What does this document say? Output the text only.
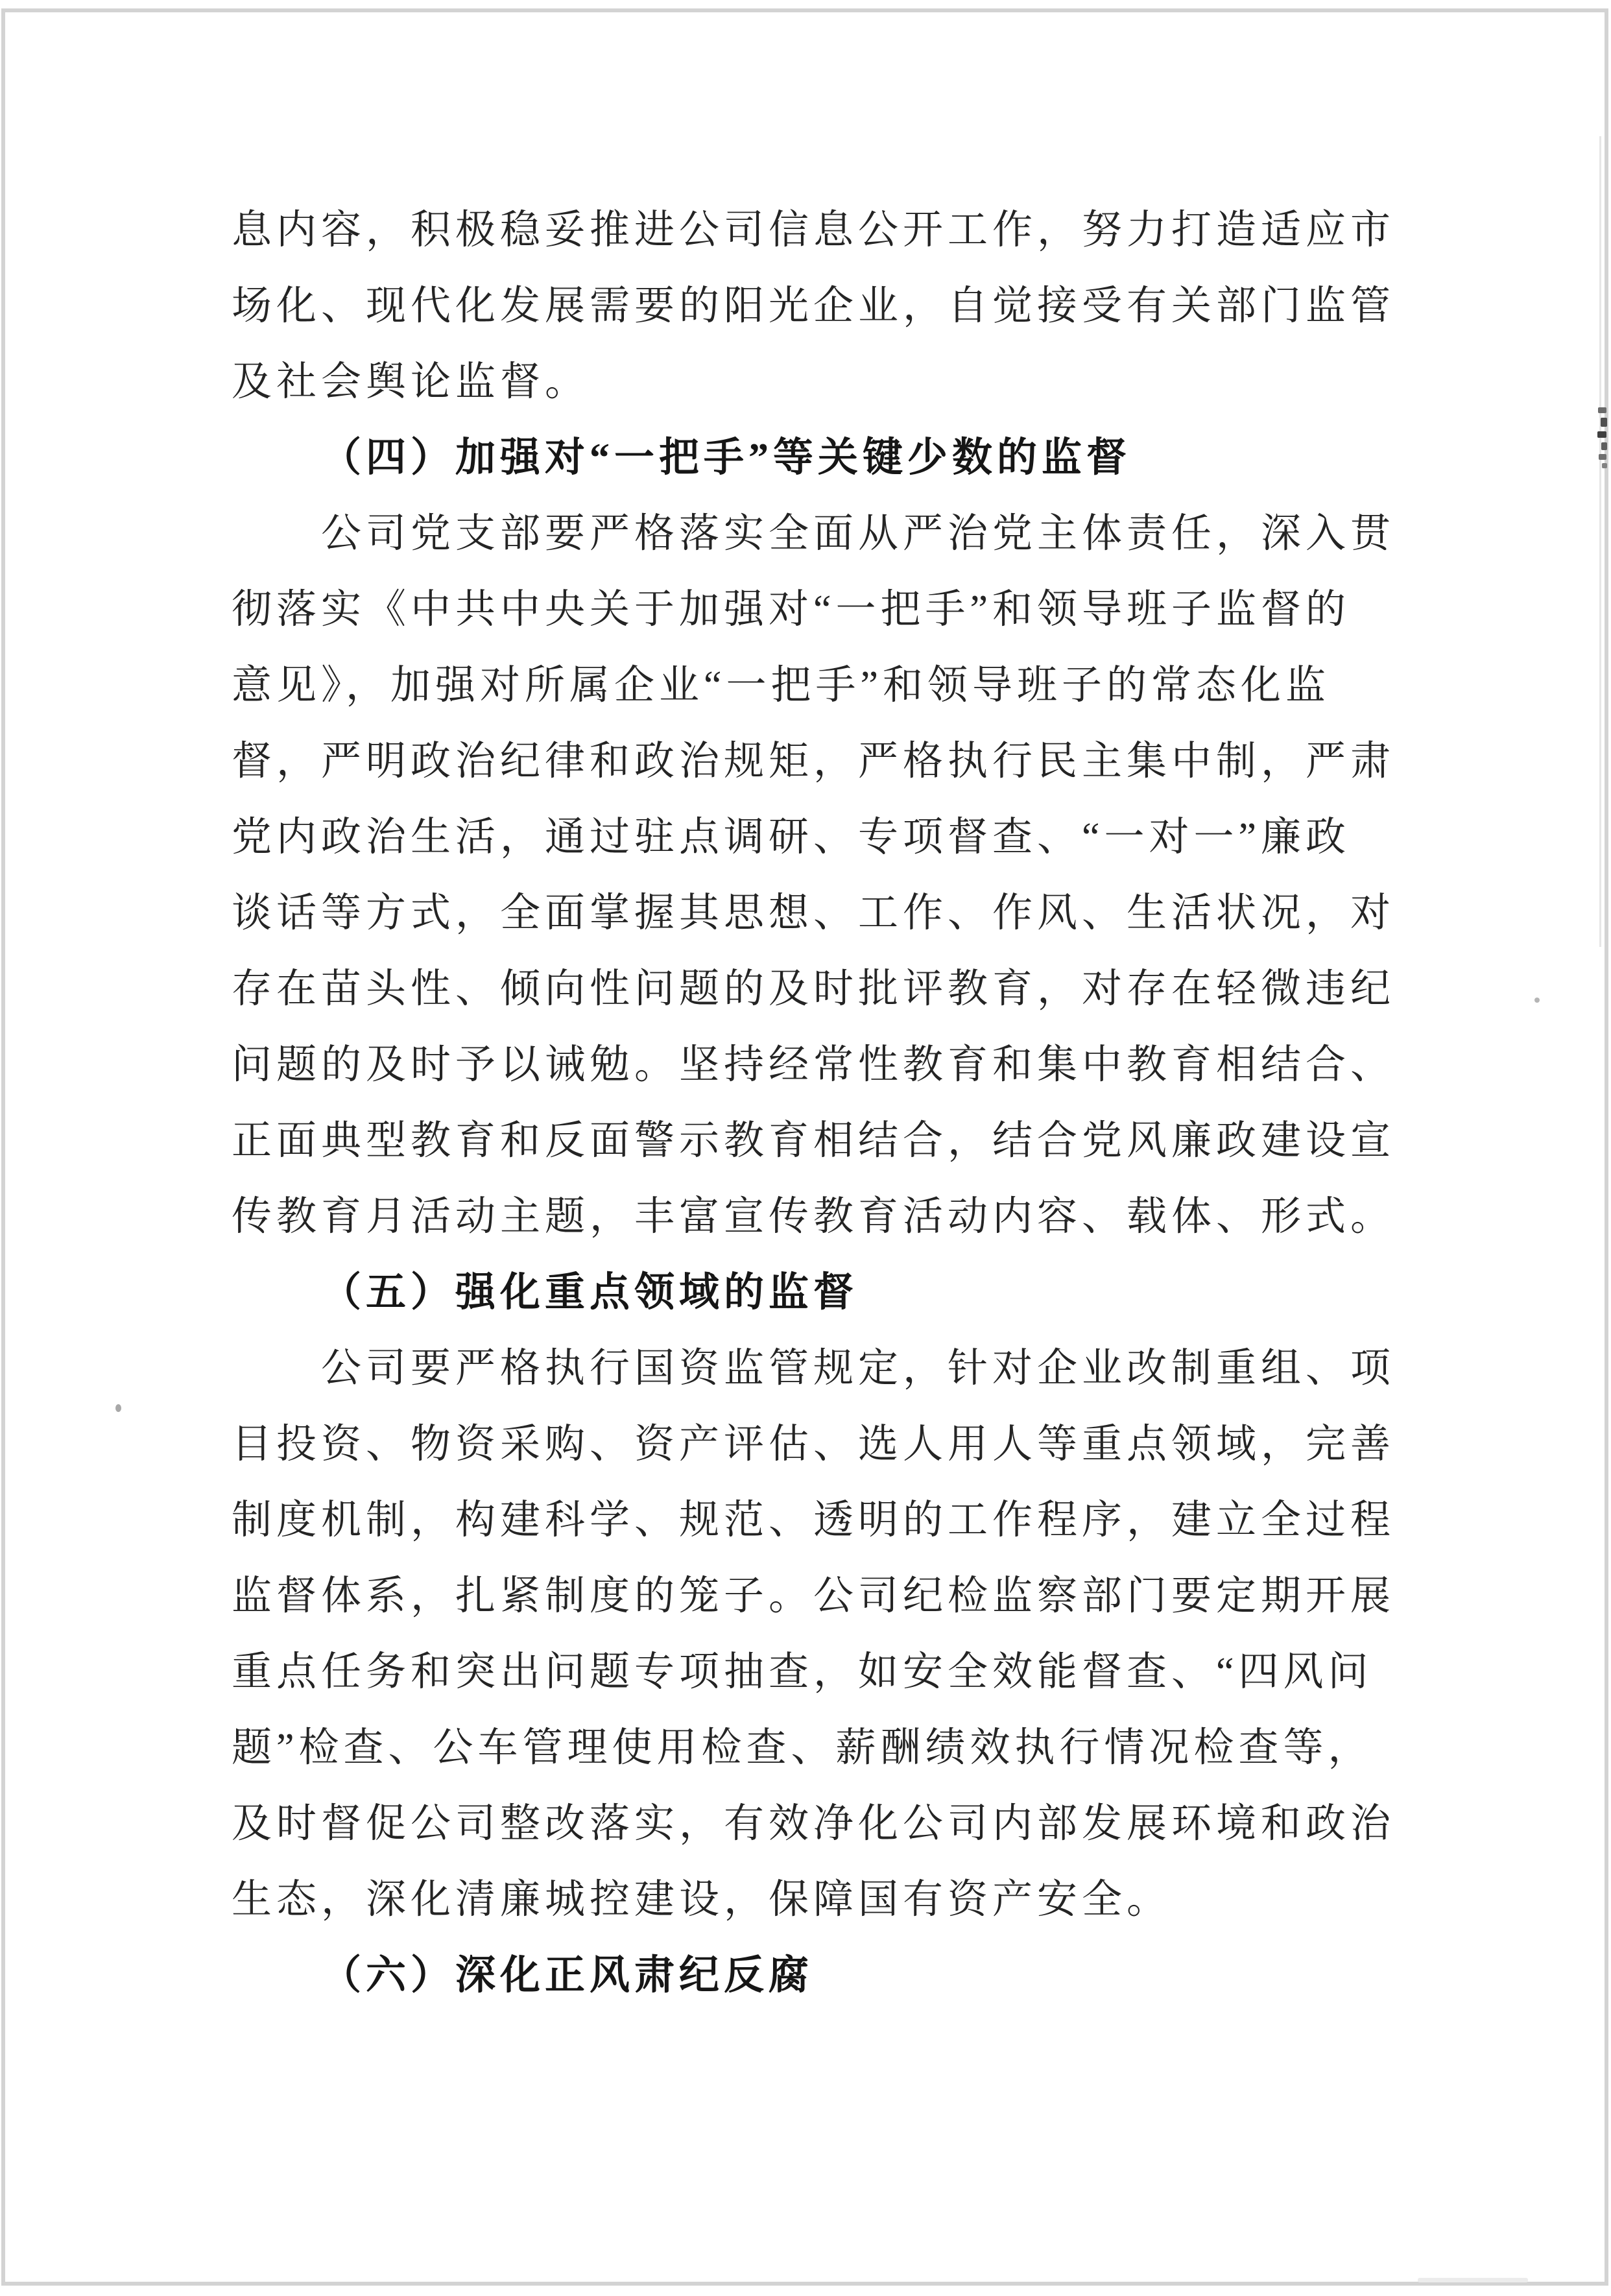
息内容，积极稳妥推进公司信息公开工作，努力打造适应市
场化、现代化发展需要的阳光企业，自觉接受有关部门监管
及社会舆论监督。
（四）加强对“一把手”等关键少数的监督
公司党支部要严格落实全面从严治党主体责任，深入贯
彻落实《中共中央关于加强对“一把手”和领导班子监督的
意见》，加强对所属企业“一把手”和领导班子的常态化监
督，严明政治纪律和政治规矩，严格执行民主集中制，严肃
党内政治生活，通过驻点调研、专项督查、“一对一”廉政
谈话等方式，全面掌握其思想、工作、作风、生活状况，对
存在苗头性、倾向性问题的及时批评教育，对存在轻微违纪
问题的及时予以诫勉。坚持经常性教育和集中教育相结合、
正面典型教育和反面警示教育相结合，结合党风廉政建设宣
传教育月活动主题，丰富宣传教育活动内容、载体、形式。
（五）强化重点领域的监督
公司要严格执行国资监管规定，针对企业改制重组、项
目投资、物资采购、资产评估、选人用人等重点领域，完善
制度机制，构建科学、规范、透明的工作程序，建立全过程
监督体系，扎紧制度的笼子。公司纪检监察部门要定期开展
重点任务和突出问题专项抽查，如安全效能督查、“四风问
题”检查、公车管理使用检查、薪酬绩效执行情况检查等，
及时督促公司整改落实，有效净化公司内部发展环境和政治
生态，深化清廉城控建设，保障国有资产安全。
（六）深化正风肃纪反腐
